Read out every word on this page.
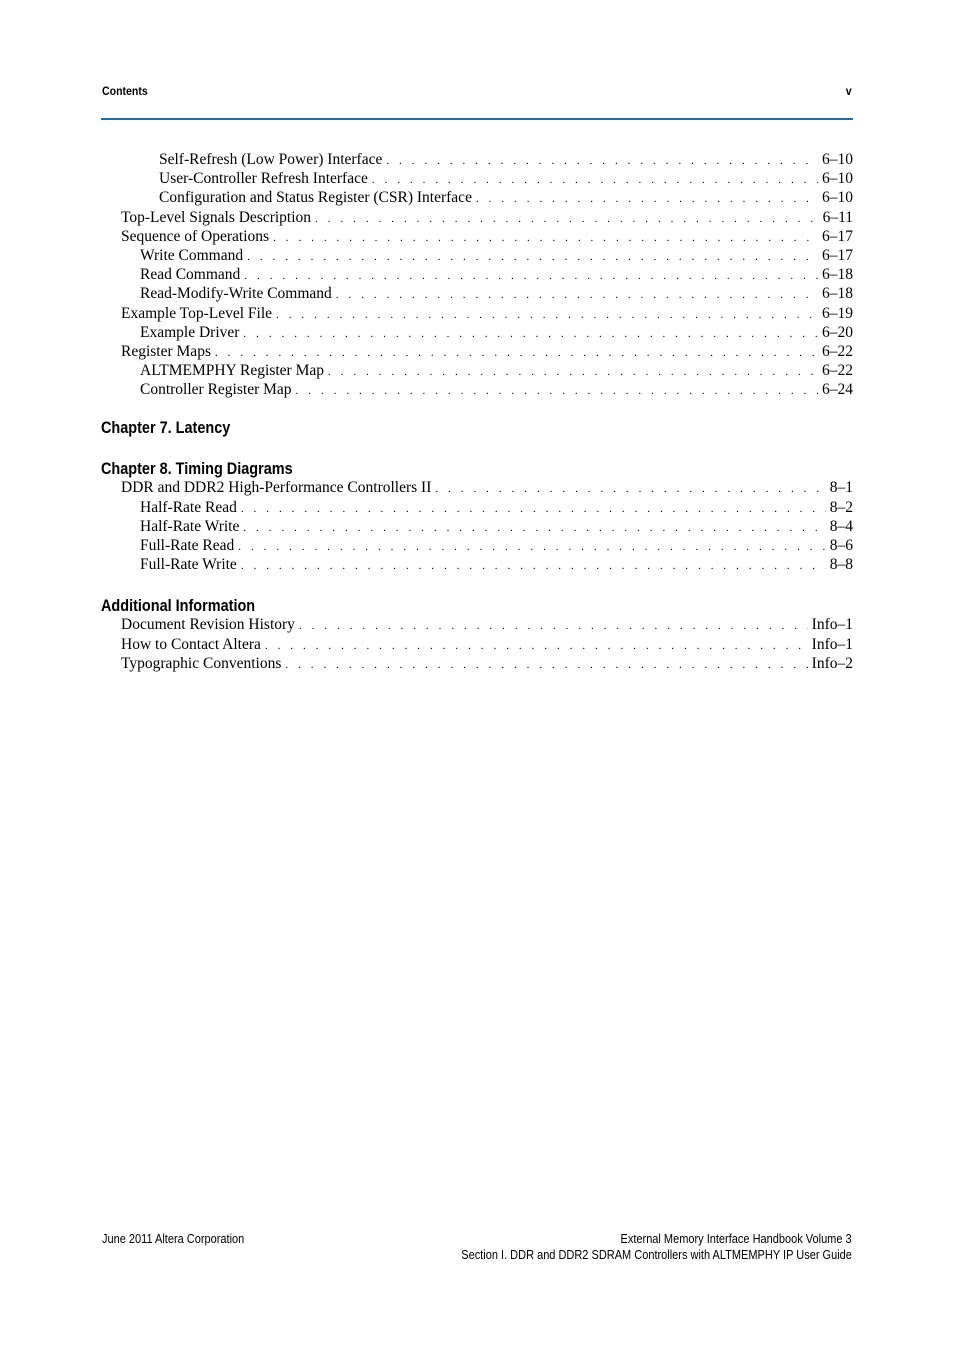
Contents	v
Self-Refresh (Low Power) Interface . . .	6–10
User-Controller Refresh Interface . . .	6–10
Configuration and Status Register (CSR) Interface . . .	6–10
Top-Level Signals Description . . .	6–11
Sequence of Operations . . .	6–17
Write Command . . .	6–17
Read Command . . .	6–18
Read-Modify-Write Command . . .	6–18
Example Top-Level File . . .	6–19
Example Driver . . .	6–20
Register Maps . . .	6–22
ALTMEMPHY Register Map . . .	6–22
Controller Register Map . . .	6–24
Chapter 7. Latency
Chapter 8. Timing Diagrams
DDR and DDR2 High-Performance Controllers II . . .	8–1
Half-Rate Read . . .	8–2
Half-Rate Write . . .	8–4
Full-Rate Read . . .	8–6
Full-Rate Write . . .	8–8
Additional Information
Document Revision History . . .	Info–1
How to Contact Altera . . .	Info–1
Typographic Conventions . . .	Info–2
June 2011 Altera Corporation	External Memory Interface Handbook Volume 3
Section I. DDR and DDR2 SDRAM Controllers with ALTMEMPHY IP User Guide
